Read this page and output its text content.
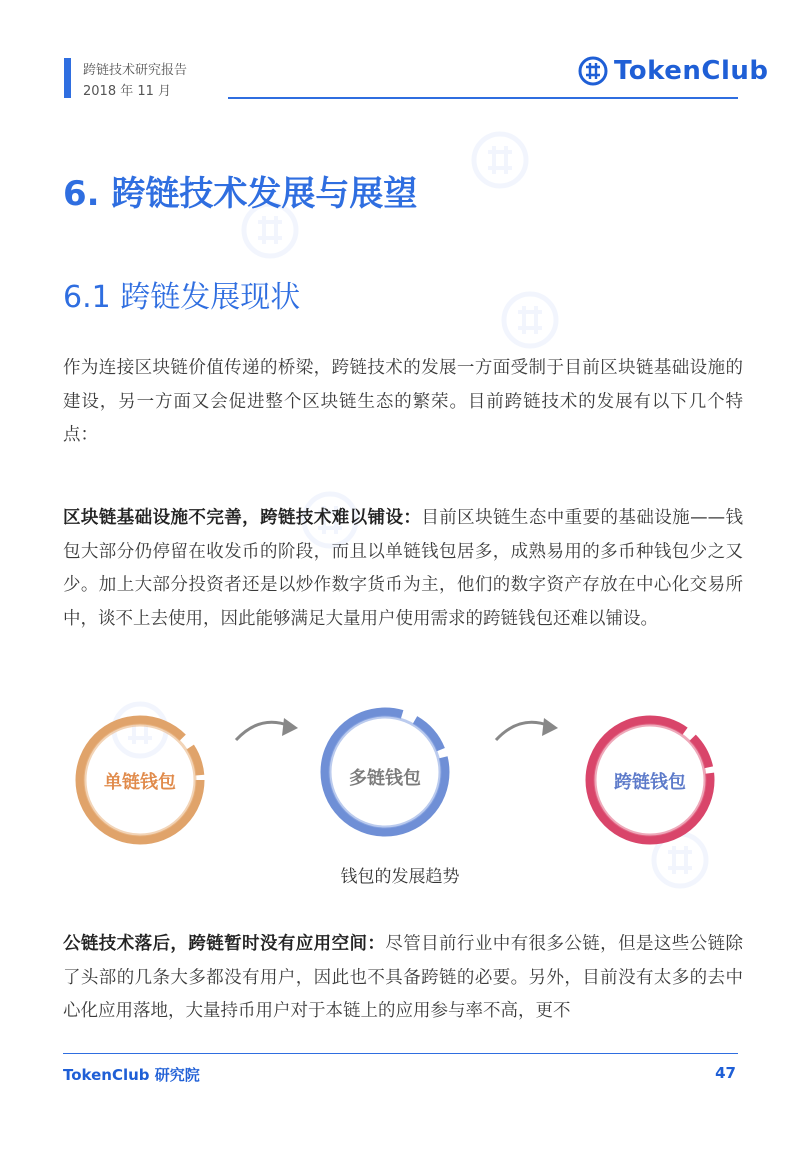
跨链技术研究报告
2018 年 11 月
TokenClub
6. 跨链技术发展与展望
6.1 跨链发展现状
作为连接区块链价值传递的桥梁，跨链技术的发展一方面受制于目前区块链基础设施的建设，另一方面又会促进整个区块链生态的繁荣。目前跨链技术的发展有以下几个特点：
区块链基础设施不完善，跨链技术难以铺设：目前区块链生态中重要的基础设施——钱包大部分仍停留在收发币的阶段，而且以单链钱包居多，成熟易用的多币种钱包少之又少。加上大部分投资者还是以炒作数字货币为主，他们的数字资产存放在中心化交易所中，谈不上去使用，因此能够满足大量用户使用需求的跨链钱包还难以铺设。
单链钱包	多链钱包	跨链钱包
钱包的发展趋势
公链技术落后，跨链暂时没有应用空间：尽管目前行业中有很多公链，但是这些公链除了头部的几条大多都没有用户，因此也不具备跨链的必要。另外，目前没有太多的去中心化应用落地，大量持币用户对于本链上的应用参与率不高，更不
TokenClub 研究院	47
